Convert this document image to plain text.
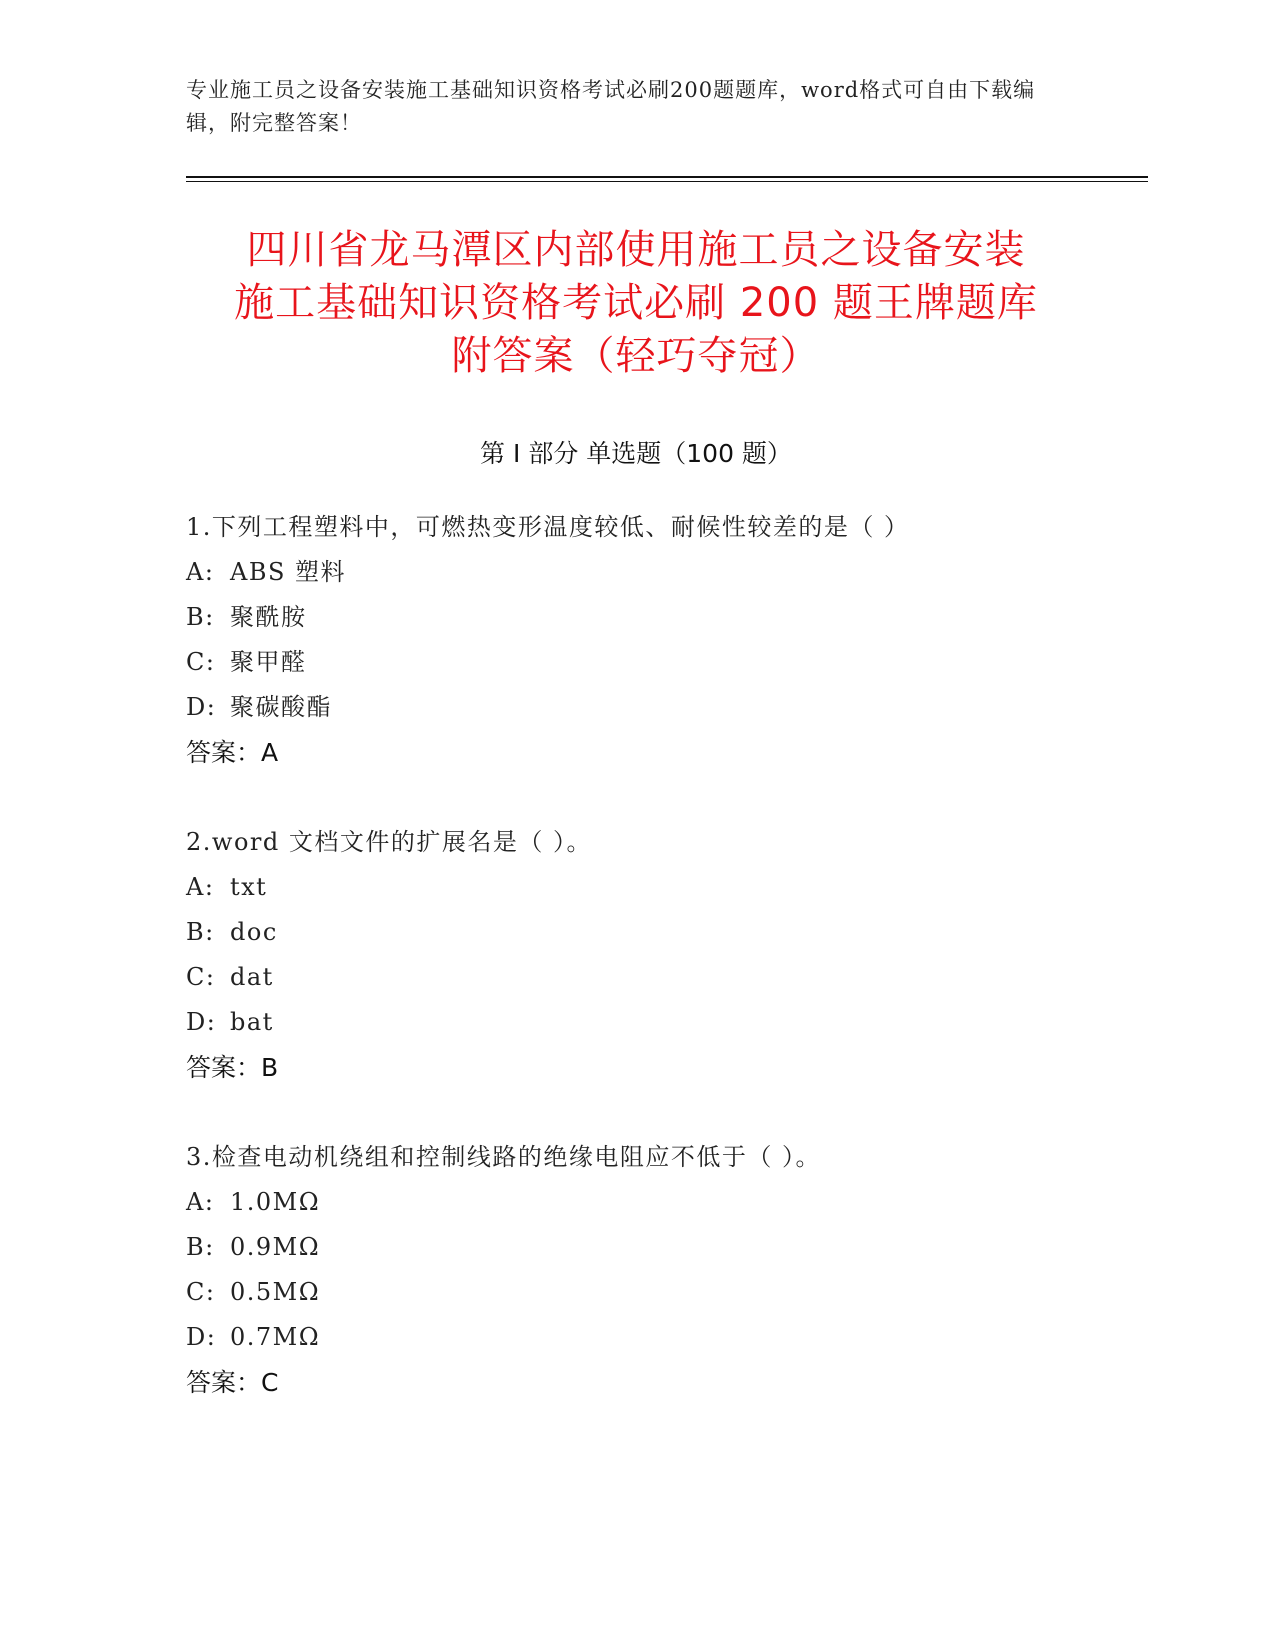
专业施工员之设备安装施工基础知识资格考试必刷200题题库，word格式可自由下载编辑，附完整答案！
四川省龙马潭区内部使用施工员之设备安装
施工基础知识资格考试必刷 200 题王牌题库
附答案（轻巧夺冠）
第 I 部分 单选题（100 题）
1.下列工程塑料中，可燃热变形温度较低、耐候性较差的是（ ）
A: ABS 塑料
B: 聚酰胺
C: 聚甲醛
D: 聚碳酸酯
答案：A
2.word 文档文件的扩展名是（ ）。
A: txt
B: doc
C: dat
D: bat
答案：B
3.检查电动机绕组和控制线路的绝缘电阻应不低于（ ）。
A: 1.0MΩ
B: 0.9MΩ
C: 0.5MΩ
D: 0.7MΩ
答案：C
